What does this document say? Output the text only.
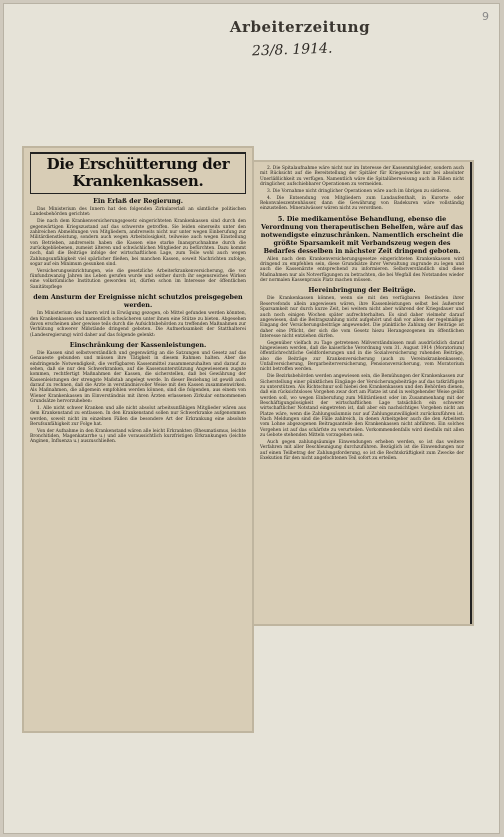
9
Arbeiterzeitung
23/8. 1914.
Die Erschütterung der Krankenkassen.
Ein Erlaß der Regierung.

Das Ministerium des Innern hat den folgenden Zirkularerlaß an sämtliche politischen Landesbehörden gerichtet:

Die nach dem Krankenversicherungsgesetz eingerichteten Krankenkassen sind durch den gegenwärtigen Kriegszustand auf das schwerste getroffen. Sie leiden einerseits unter den zahlreichen Abmeldungen von Mitgliedern, andrerseits nicht nur unter wegen Einberufung zur Militärdienstleistung, sondern auch wegen Arbeitslosigkeit, teilweise auch wegen Einstellung von Betrieben, andrerseits haben die Kassen eine starke Inanspruchnahme durch die zurückgebliebenen, zumeist älteren und schwächlichen Mitglieder zu befürchten. Dazu kommt noch, daß die Beiträge infolge der wirtschaftlichen Lage, zum Teile wohl auch wegen Zahlungsunfähigkeit viel spärlicher fließen, bei manchen Kassen, soweit Nachrichten zufolge, sogar auf ein Minimum gesunken sind.

Versicherungseinrichtungen, wie die gesetzliche Arbeiterkrankenversicherung, die vor fünfundzwanzig Jahren ins Leben gerufen wurde und seither durch ihr segensreiches Wirken eine volkstümliche Institution geworden ist, dürfen schon im Interesse der öffentlichen Sanitätspflege

dem Ansturm der Ereignisse nicht schutzlos preisgegeben werden.

Im Ministerium des Innern wird in Erwägung gezogen, ob Mittel gefunden werden könnten, den Krankenkassen und namentlich schwächeren unter ihnen eine Stütze zu bieten. Abgesehen davon erscheinen aber gewisse teils durch die Aufsichtsbehörden zu treffenden Maßnahmen zur Verhütung schwerer Mißstände dringend geboten. Die Aufmerksamkeit der Statthalterei (Landesregierung) wird daher auf das folgende gelenkt:

Einschränkung der Kassenleistungen.

Die Kassen sind selbstverständlich und gegenwärtig an die Satzungen und Gesetz auf das Genaueste gebunden und müssen ihre Tätigkeit in diesem Rahmen halten. Aber die eindringende Notwendigkeit, die verfügbaren Kassenmittel zusammenzuhalten und darauf zu sehen, daß sie nur den Schwerkranken, auf die Kassenunterstützung Angewiesenen zugute kommen, rechtfertigt Maßnahmen der Kassen, die sicherstellen, daß bei Gewährung der Kassenleistungen der strengste Maßstab angelegt werde. In dieser Beziehung ist gewiß auch darauf zu rechnen, daß die Ärzte in verständnisvoller Weise mit den Kassen zusammenwirken. Als Maßnahmen, die allgemein empfohlen werden können, sind die folgenden, aus einem von Wiener Krankenkassen im Einverständnis mit ihren Ärzten erlassenen Zirkular entnommenen Grundsätze hervorzuheben:

1. Alle nicht schwer Kranken und alle nicht absolut arbeitsunfähigen Mitglieder wären aus dem Krankenstand zu entlassen. In den Krankenstand sollen nur Schwerkranke aufgenommen werden, soweit nicht im einzelnen Fällen die besondere Art der Erkrankung eine absolute Berufsunfähigkeit zur Folge hat.

Von der Aufnahme in den Krankenstand wären alle leicht Erkrankten (Rheumatismus, leichte Bronchitiden, Magenkatarrhe u.) und alle voraussichtlich kurzfristigen Erkrankungen (leichte Anginen, Influenza u.) auszuschließen.

2. Die Spitalaufnahme wäre nicht nur im Interesse der Kassenmitglieder, sondern auch mit Rücksicht auf die Bereitstellung der Spitäler für Kriegszwecke nur bei absoluter Unerläßlichkeit zu verfügen. Namentlich wäre die Spitalüberweisung auch in Fällen nicht dringlicher, aufschiebbarer Operationen zu vermeiden.

3. Die Vornahme nicht dringlicher Operationen wäre auch im übrigen zu sistieren.

4. Die Entsendung von Mitgliedern zum Landaufenthalt, in Kurorte oder Rekonvaleszentenhäuser, dann die Gewährung von Badekuren wäre vollständig einzustellen. Mineralwässer wären nicht zu verordnen.

5. Die medikamentöse Behandlung, ebenso die Verordnung von therapeutischen Behelfen, wäre auf das notwendigste einzuschränken. Namentlich erscheint die größte Sparsamkeit mit Verbandszeug wegen des Bedarfes desselben in nächster Zeit dringend geboten.

Allen nach dem Krankenversicherungsgesetze eingerichteten Krankenkassen wird dringend zu empfehlen sein, diese Grundsätze ihrer Verwaltung zugrunde zu legen und auch die Kassenärzte entsprechend zu informieren. Selbstverständlich sind diese Maßnahmen nur als Notverfügungen zu betrachten, die bei Wegfall des Notstandes wieder der normalen Kassenpraxis Platz machen müssen.

Hereinbringung der Beiträge.

Die Krankenkassen können, wenn sie mit den verfügbaren Beständen ihrer Reservefonds allein angewiesen wären, ihre Kassenleistungen selbst bei äußerster Sparsamkeit nur durch kurze Zeit, bei weitem nicht aber während der Kriegsdauer und auch noch einigen Wochen später aufrechterhalten. Es sind daher vielmehr darauf angewiesen, daß die Beitragszahlung nicht aufgehört und daß vor allem der regelmäßige Eingang der Versicherungsbeiträge angewendet. Die pünktliche Zahlung der Beiträge ist daher eine Pflicht, der sich die vom Gesetz hiezu Herangezogenen im öffentlichen Interesse nicht entziehen dürfen.

Gegenüber vielfach zu Tage getretenen Mißverständnissen muß ausdrücklich darauf hingewiesen werden, daß die kaiserliche Verordnung vom 31. August 1914 (Moratorium) öffentlichrechtliche Geldforderungen und in die Sozialversicherung ruhenden Beiträge, also die Beiträge zur Krankenversicherung (auch zu Vereinskrankenkassen), Unfallversicherung, Bergarbeiterversicherung, Pensionsversicherung, vom Moratorium nicht betroffen werden.

Die Bezirksbehörden werden angewiesen sein, die Bemühungen der Krankenkassen zur Sicherstellung einer pünktlichen Eingänge der Versicherungsbeiträge auf das tatkräftigste zu unterstützen. Als Richtschnur soll hiebei den Krankenkassen und den Behörden dienen, daß ein rücksichtsloses Vorgehen zwar dort am Platze ist und in weitgehender Weise geübt werden soll, wo wegen Einberufung zum Militärdienst oder im Zusammenhang mit der Beschäftigungslosigkeit der wirtschaftlichen Lage tatsächlich ein schwerer wirtschaftlicher Notstand eingetreten ist, daß aber ein nachsichtiges Vorgehen nicht am Platze wäre, wenn die Zahlungssäumnis nur auf Zahlungsunwilligkeit zurückzuführen ist. Nach Meldungen sind die Fälle zahlreich, in denen Arbeitgeber auch die den Arbeitern vom Lohne abgezogenen Beitragsanteile den Krankenkassen nicht abführen. Ein solches Vorgehen ist auf das schärfste zu verurteilen. Vorkommendenfalls wird diesfalls mit allen zu Gebote stehenden Mitteln vorzugehen sein.

Auch gegen zahlungsäumige Einwendungen erheben werden, so ist das weitere Verfahren mit aller Beschleunigung durchzuführen. Bezüglich ist die Einwendungen nur auf einen Teilbetrag der Zahlungsforderung, so ist die Rechtskräftigkeit zum Zwecke der Exekution für den nicht angefochtenen Teil sofort zu erteilen.
